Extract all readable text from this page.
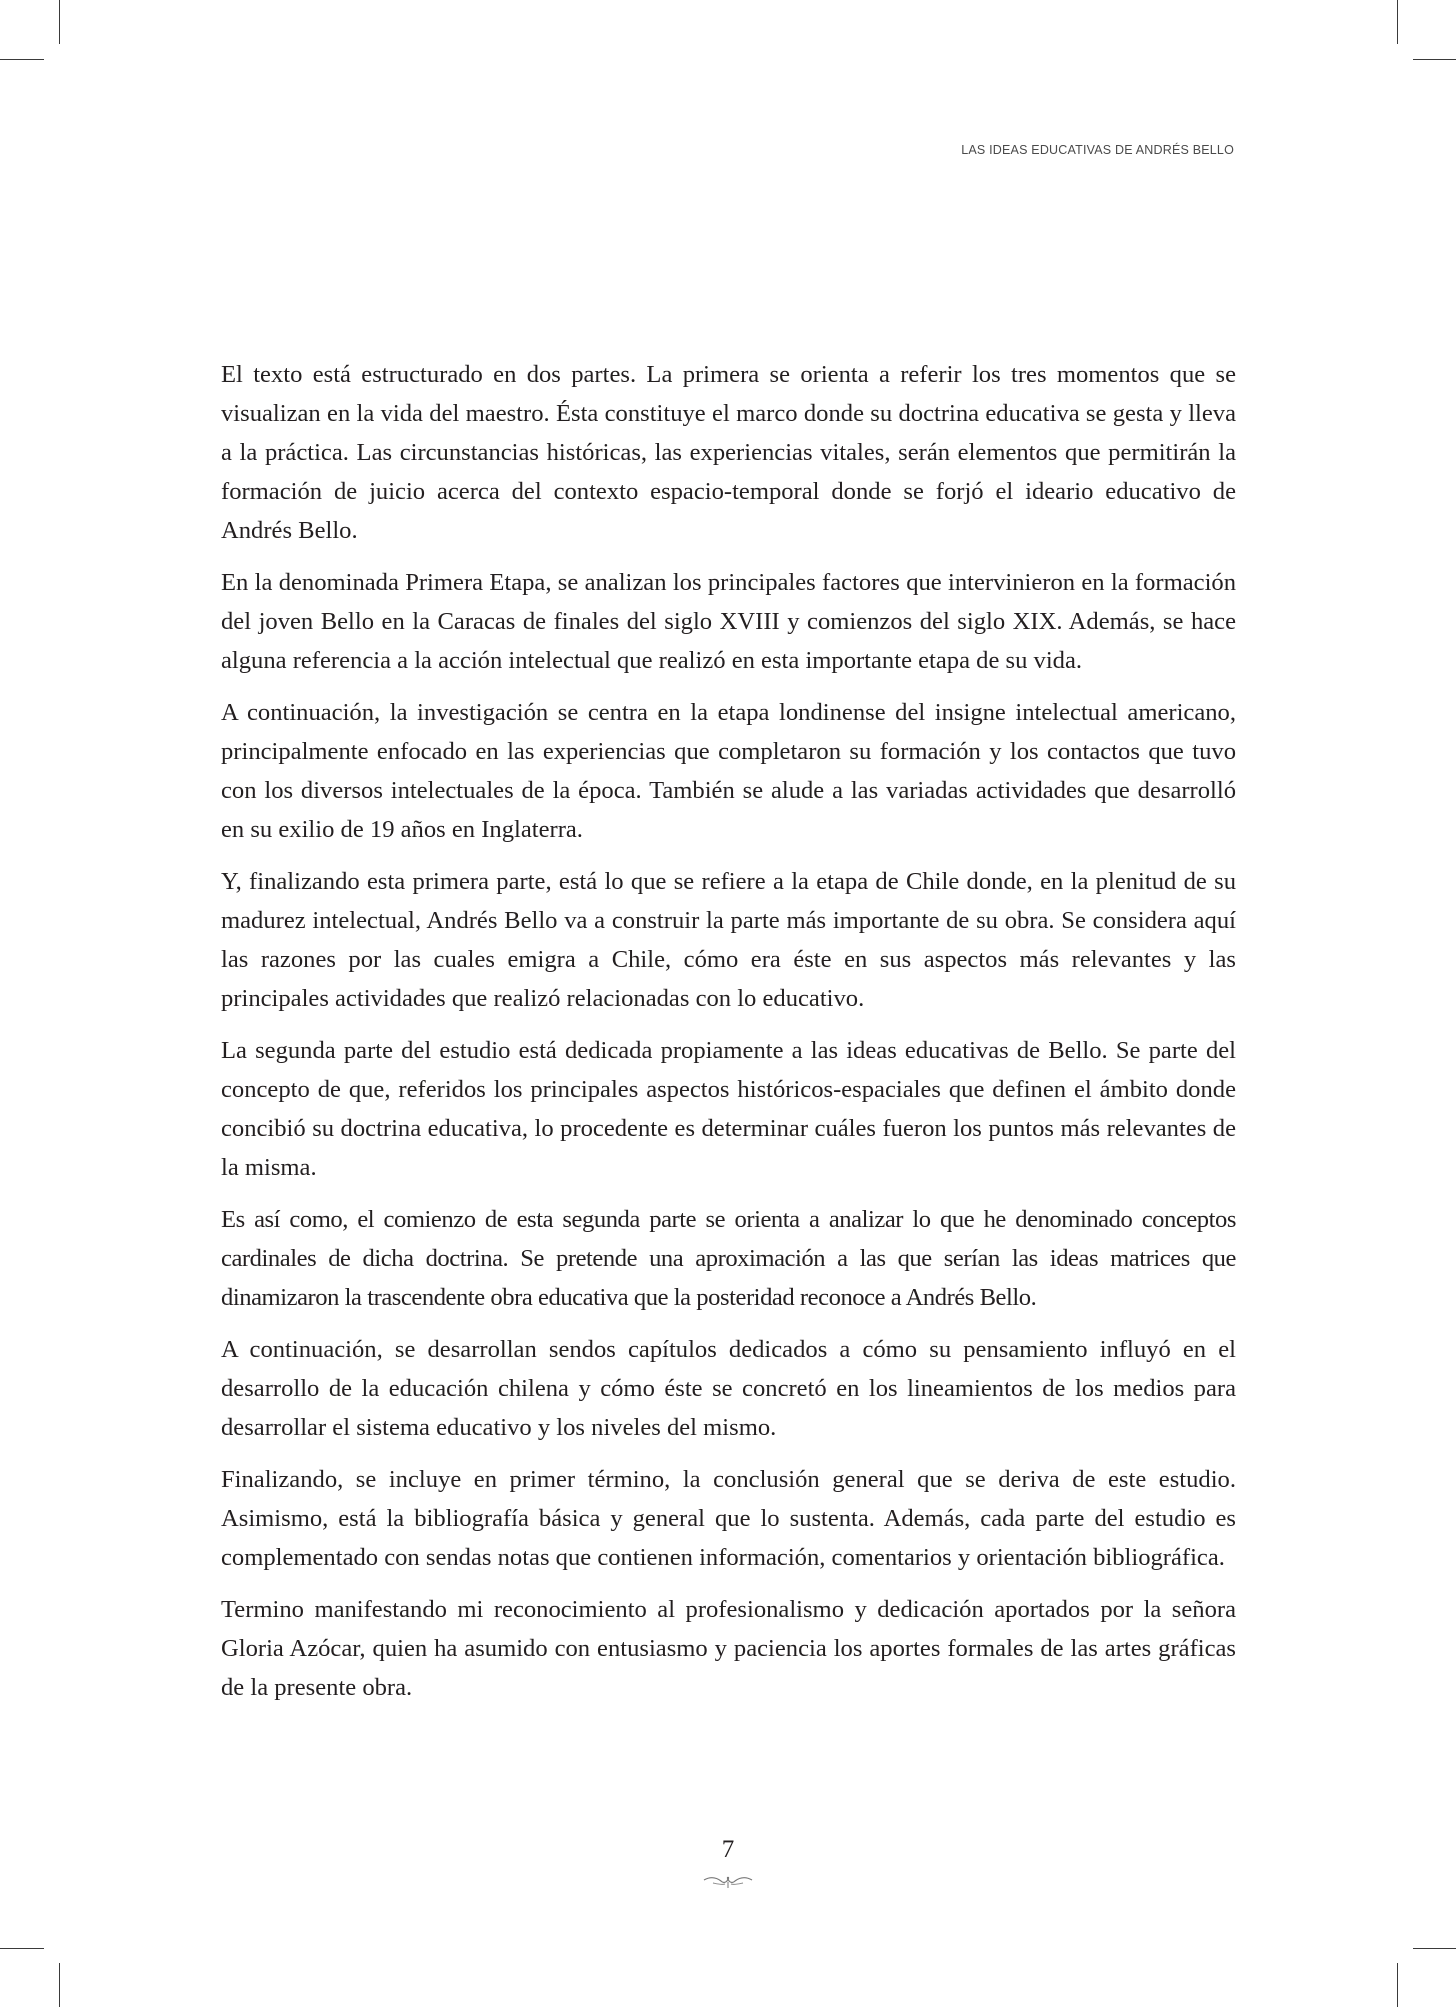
LAS IDEAS EDUCATIVAS DE ANDRÉS BELLO

El texto está estructurado en dos partes. La primera se orienta a referir los tres momentos que se visualizan en la vida del maestro. Ésta constituye el marco donde su doctrina educativa se gesta y lleva a la práctica. Las circunstancias históricas, las experiencias vitales, serán elementos que permitirán la formación de juicio acerca del contexto espacio-temporal donde se forjó el ideario educativo de Andrés Bello.

En la denominada Primera Etapa, se analizan los principales factores que intervinieron en la formación del joven Bello en la Caracas de finales del siglo XVIII y comienzos del siglo XIX. Además, se hace alguna referencia a la acción intelectual que realizó en esta importante etapa de su vida.

A continuación, la investigación se centra en la etapa londinense del insigne intelectual americano, principalmente enfocado en las experiencias que completaron su formación y los contactos que tuvo con los diversos intelectuales de la época. También se alude a las variadas actividades que desarrolló en su exilio de 19 años en Inglaterra.

Y, finalizando esta primera parte, está lo que se refiere a la etapa de Chile donde, en la plenitud de su madurez intelectual, Andrés Bello va a construir la parte más importante de su obra. Se considera aquí las razones por las cuales emigra a Chile, cómo era éste en sus aspectos más relevantes y las principales actividades que realizó relacionadas con lo educativo.

La segunda parte del estudio está dedicada propiamente a las ideas educativas de Bello. Se parte del concepto de que, referidos los principales aspectos históricos-espaciales que definen el ámbito donde concibió su doctrina educativa, lo procedente es determinar cuáles fueron los puntos más relevantes de la misma.

Es así como, el comienzo de esta segunda parte se orienta a analizar lo que he denominado conceptos cardinales de dicha doctrina. Se pretende una aproximación a las que serían las ideas matrices que dinamizaron la trascendente obra educativa que la posteridad reconoce a Andrés Bello.

A continuación, se desarrollan sendos capítulos dedicados a cómo su pensamiento influyó en el desarrollo de la educación chilena y cómo éste se concretó en los lineamientos de los medios para desarrollar el sistema educativo y los niveles del mismo.

Finalizando, se incluye en primer término, la conclusión general que se deriva de este estudio. Asimismo, está la bibliografía básica y general que lo sustenta. Además, cada parte del estudio es complementado con sendas notas que contienen información, comentarios y orientación bibliográfica.

Termino manifestando mi reconocimiento al profesionalismo y dedicación aportados por la señora Gloria Azócar, quien ha asumido con entusiasmo y paciencia los aportes formales de las artes gráficas de la presente obra.

7
